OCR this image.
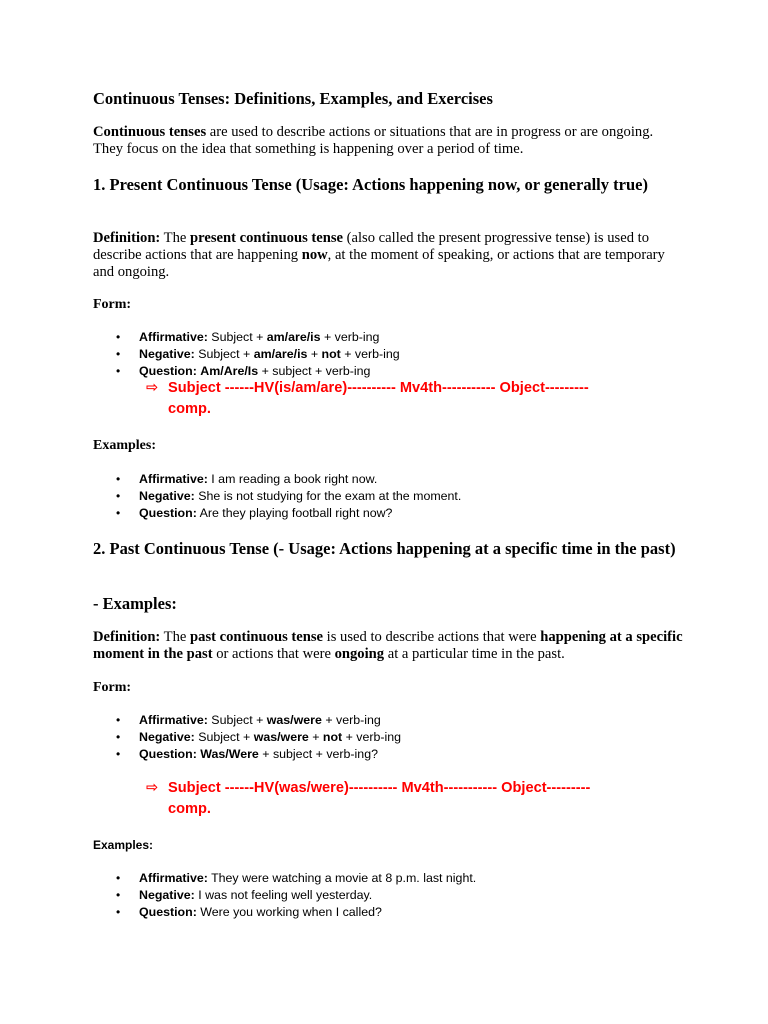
Continuous Tenses: Definitions, Examples, and Exercises
Continuous tenses are used to describe actions or situations that are in progress or are ongoing. They focus on the idea that something is happening over a period of time.
1. Present Continuous Tense (Usage: Actions happening now, or generally true)
Definition: The present continuous tense (also called the present progressive tense) is used to describe actions that are happening now, at the moment of speaking, or actions that are temporary and ongoing.
Form:
• Affirmative: Subject + am/are/is + verb-ing
• Negative: Subject + am/are/is + not + verb-ing
• Question: Am/Are/Is + subject + verb-ing
⇨ Subject ------HV(is/am/are)---------- Mv4th----------- Object---------
comp.
Examples:
• Affirmative: I am reading a book right now.
• Negative: She is not studying for the exam at the moment.
• Question: Are they playing football right now?
2. Past Continuous Tense (- Usage: Actions happening at a specific time in the past)
- Examples:
Definition: The past continuous tense is used to describe actions that were happening at a specific moment in the past or actions that were ongoing at a particular time in the past.
Form:
• Affirmative: Subject + was/were + verb-ing
• Negative: Subject + was/were + not + verb-ing
• Question: Was/Were + subject + verb-ing?
⇨ Subject ------HV(was/were)---------- Mv4th----------- Object---------
comp.
Examples:
• Affirmative: They were watching a movie at 8 p.m. last night.
• Negative: I was not feeling well yesterday.
• Question: Were you working when I called?
